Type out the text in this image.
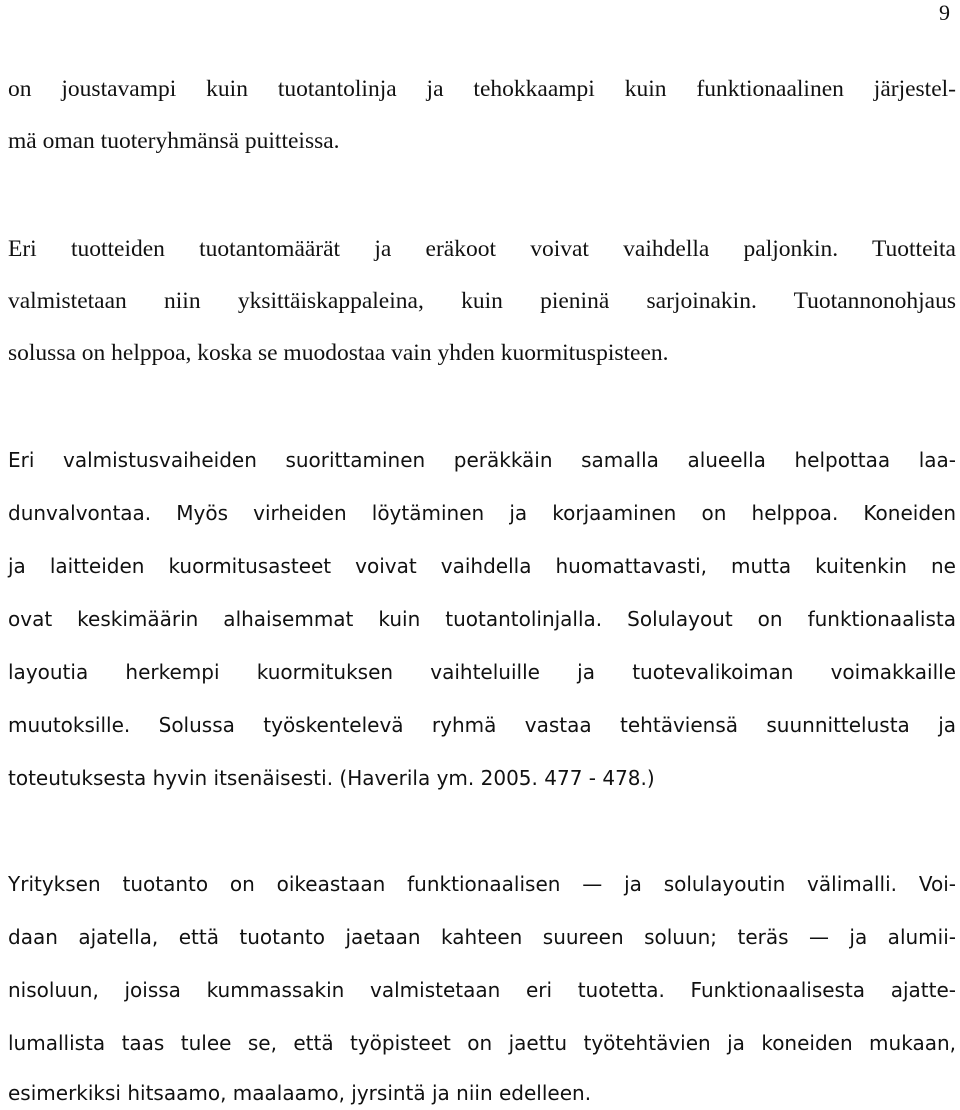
9
on joustavampi kuin tuotantolinja ja tehokkaampi kuin funktionaalinen järjestel-
mä oman tuoteryhmänsä puitteissa.
Eri tuotteiden tuotantomäärät ja eräkoot voivat vaihdella paljonkin. Tuotteita
valmistetaan niin yksittäiskappaleina, kuin pieninä sarjoinakin. Tuotannonohjaus
solussa on helppoa, koska se muodostaa vain yhden kuormituspisteen.
Eri valmistusvaiheiden suorittaminen peräkkäin samalla alueella helpottaa laa-
dunvalvontaa. Myös virheiden löytäminen ja korjaaminen on helppoa. Koneiden
ja laitteiden kuormitusasteet voivat vaihdella huomattavasti, mutta kuitenkin ne
ovat keskimäärin alhaisemmat kuin tuotantolinjalla. Solulayout on funktionaalista
layoutia herkempi kuormituksen vaihteluille ja tuotevalikoiman voimakkaille
muutoksille. Solussa työskentelevä ryhmä vastaa tehtäviensä suunnittelusta ja
toteutuksesta hyvin itsenäisesti. (Haverila ym. 2005. 477 - 478.)
Yrityksen tuotanto on oikeastaan funktionaalisen — ja solulayoutin välimalli. Voi-
daan ajatella, että tuotanto jaetaan kahteen suureen soluun; teräs — ja alumii-
nisoluun, joissa kummassakin valmistetaan eri tuotetta. Funktionaalisesta ajatte-
lumallista taas tulee se, että työpisteet on jaettu työtehtävien ja koneiden mukaan,
esimerkiksi hitsaamo, maalaamo, jyrsintä ja niin edelleen.
